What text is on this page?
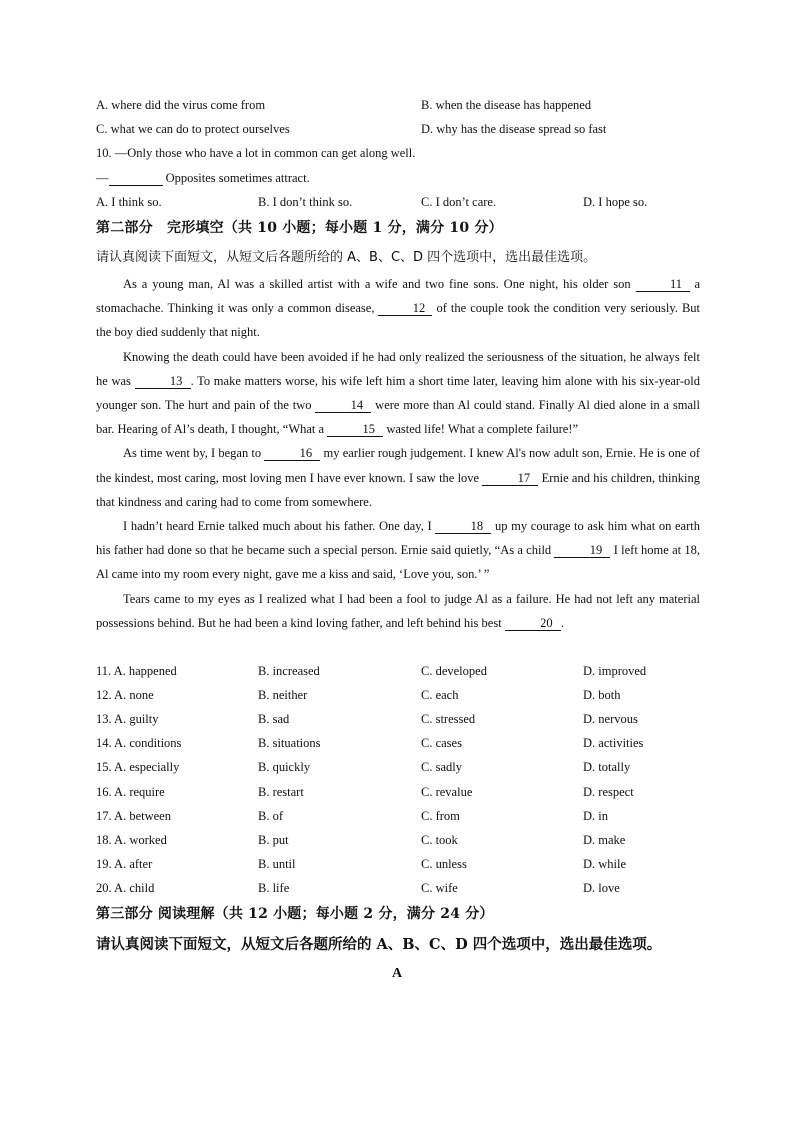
A. where did the virus come from	B. when the disease has happened
C. what we can do to protect ourselves	D. why has the disease spread so fast
10. —Only those who have a lot in common can get along well.
—	Opposites sometimes attract.
A. I think so.	B. I don’t think so.	C. I don’t care.	D. I hope so.
第二部分　完形填空（共 10 小题；每小题 1 分，满分 10 分）
请认真阅读下面短文，从短文后各题所给的 A、B、C、D 四个选项中，选出最佳选项。

As a young man, Al was a skilled artist with a wife and two fine sons. One night, his older son	11 a stomachache. Thinking it was only a common disease,	12 of the couple took the condition very seriously. But the boy died suddenly that night.

Knowing the death could have been avoided if he had only realized the seriousness of the situation, he always felt he was	13 . To make matters worse, his wife left him a short time later, leaving him alone with his six-year-old younger son. The hurt and pain of the two	14 were more than Al could stand. Finally Al died alone in a small bar. Hearing of Al’s death, I thought, “What a	15 wasted life! What a complete failure!”

As time went by, I began to	16 my earlier rough judgement. I knew Al's now adult son, Ernie. He is one of the kindest, most caring, most loving men I have ever known. I saw the love	17 Ernie and his children, thinking that kindness and caring had to come from somewhere.

I hadn’t heard Ernie talked much about his father. One day, I	18 up my courage to ask him what on earth his father had done so that he became such a special person. Ernie said quietly, “As a child	19 I left home at 18, Al came into my room every night, gave me a kiss and said, ‘Love you, son.’ ”

Tears came to my eyes as I realized what I had been a fool to judge Al as a failure. He had not left any material possessions behind. But he had been a kind loving father, and left behind his best	20 .

11. A. happened	B. increased	C. developed	D. improved
12. A. none	B. neither	C. each	D. both
13. A. guilty	B. sad	C. stressed	D. nervous
14. A. conditions	B. situations	C. cases	D. activities
15. A. especially	B. quickly	C. sadly	D. totally
16. A. require	B. restart	C. revalue	D. respect
17. A. between	B. of	C. from	D. in
18. A. worked	B. put	C. took	D. make
19. A. after	B. until	C. unless	D. while
20. A. child	B. life	C. wife	D. love
第三部分 阅读理解（共 12 小题；每小题 2 分，满分 24 分）
请认真阅读下面短文，从短文后各题所给的 A、B、C、D 四个选项中，选出最佳选项。
A
